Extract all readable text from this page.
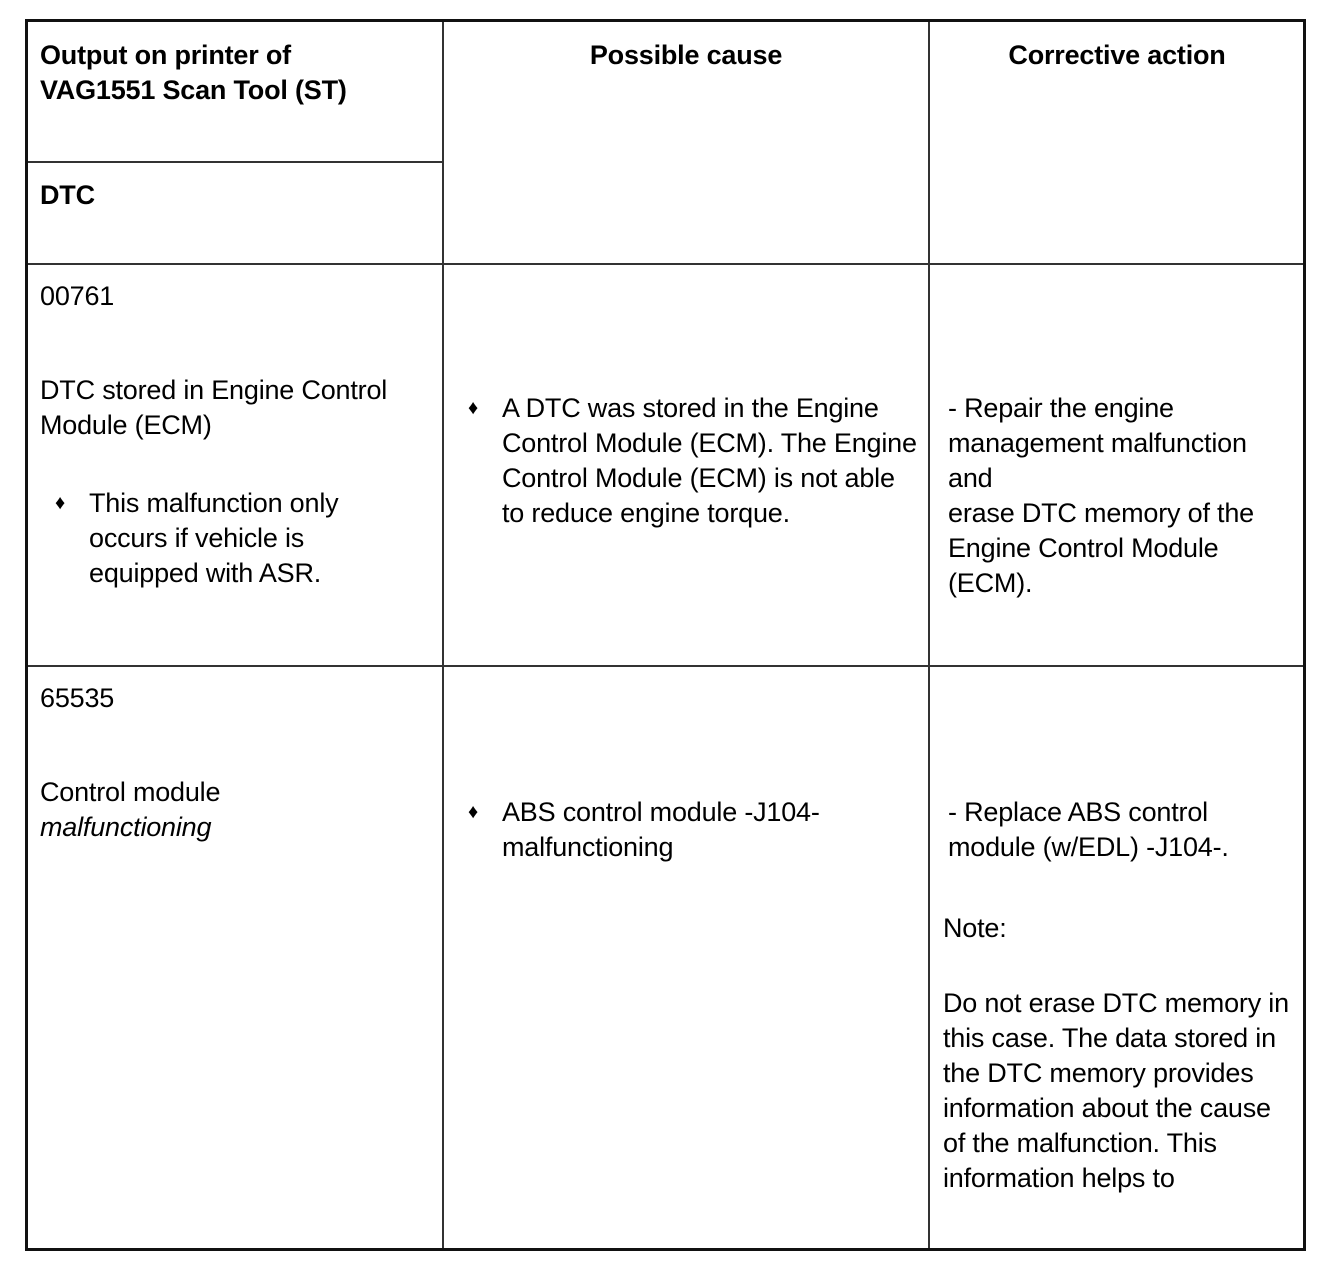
Output on printer of
VAG1551 Scan Tool (ST)
DTC
Possible cause	Corrective action
00761
DTC stored in Engine Control Module (ECM)
♦ This malfunction only occurs if vehicle is equipped with ASR.
♦ A DTC was stored in the Engine Control Module (ECM). The Engine Control Module (ECM) is not able to reduce engine torque.
- Repair the engine management malfunction
and
erase DTC memory of the Engine Control Module (ECM).
65535
Control module
malfunctioning	♦ ABS control module -J104- malfunctioning
- Replace ABS control module (w/EDL) -J104-.
Note:
Do not erase DTC memory in this case. The data stored in the DTC memory provides information about the cause of the malfunction. This information helps to
